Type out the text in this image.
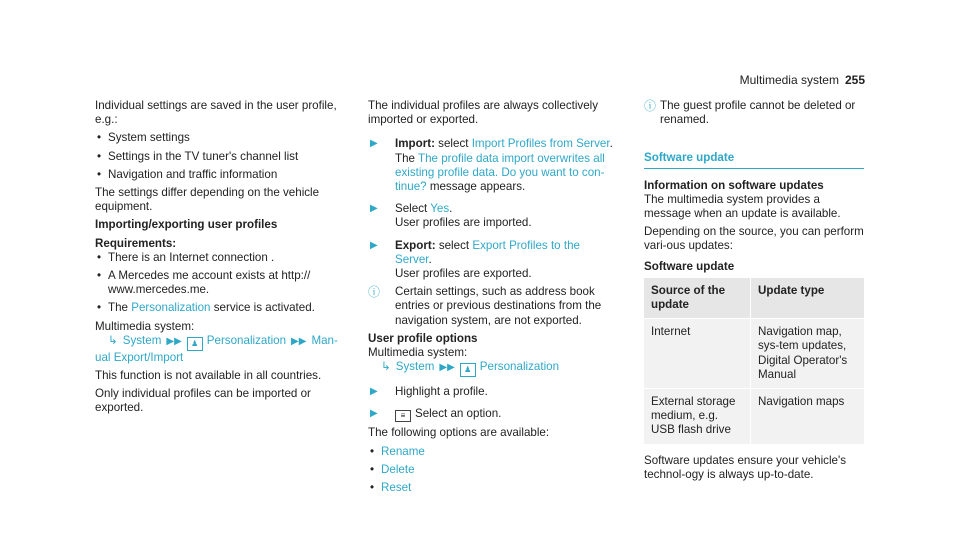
Multimedia system 255

Individual settings are saved in the user profile, e.g.:

• System settings
• Settings in the TV tuner's channel list
• Navigation and traffic information

The settings differ depending on the vehicle equipment.

Importing/exporting user profiles

Requirements:

• There is an Internet connection .
• A Mercedes me account exists at http:// www.mercedes.me.
• The Personalization service is activated.

Multimedia system:

↳ System ▶▶ ♟ Personalization ▶▶ Man-

ual Export/Import

This function is not available in all countries.

Only individual profiles can be imported or exported.

The individual profiles are always collectively imported or exported.

▶ Import: select Import Profiles from Server.
The The profile data import overwrites all existing profile data. Do you want to con-tinue? message appears.
▶ Select Yes.
User profiles are imported.
▶ Export: select Export Profiles to the Server.
User profiles are exported.
ⓘ Certain settings, such as address book entries or previous destinations from the navigation system, are not exported.

User profile options

Multimedia system:

↳ System ▶▶ ♟ Personalization

▶ Highlight a profile.
▶	≡ Select an option.

The following options are available:

• Rename
• Delete
• Reset
ⓘ The guest profile cannot be deleted or renamed.
Software update

Information on software updates

The multimedia system provides a message when an update is available.

Depending on the source, you can perform vari-ous updates:

Software update

Source of the update	Update type
Internet	Navigation map, sys-tem updates, Digital Operator's Manual
External storage medium, e.g. USB flash drive	Navigation maps

Software updates ensure your vehicle's technol-ogy is always up-to-date.
